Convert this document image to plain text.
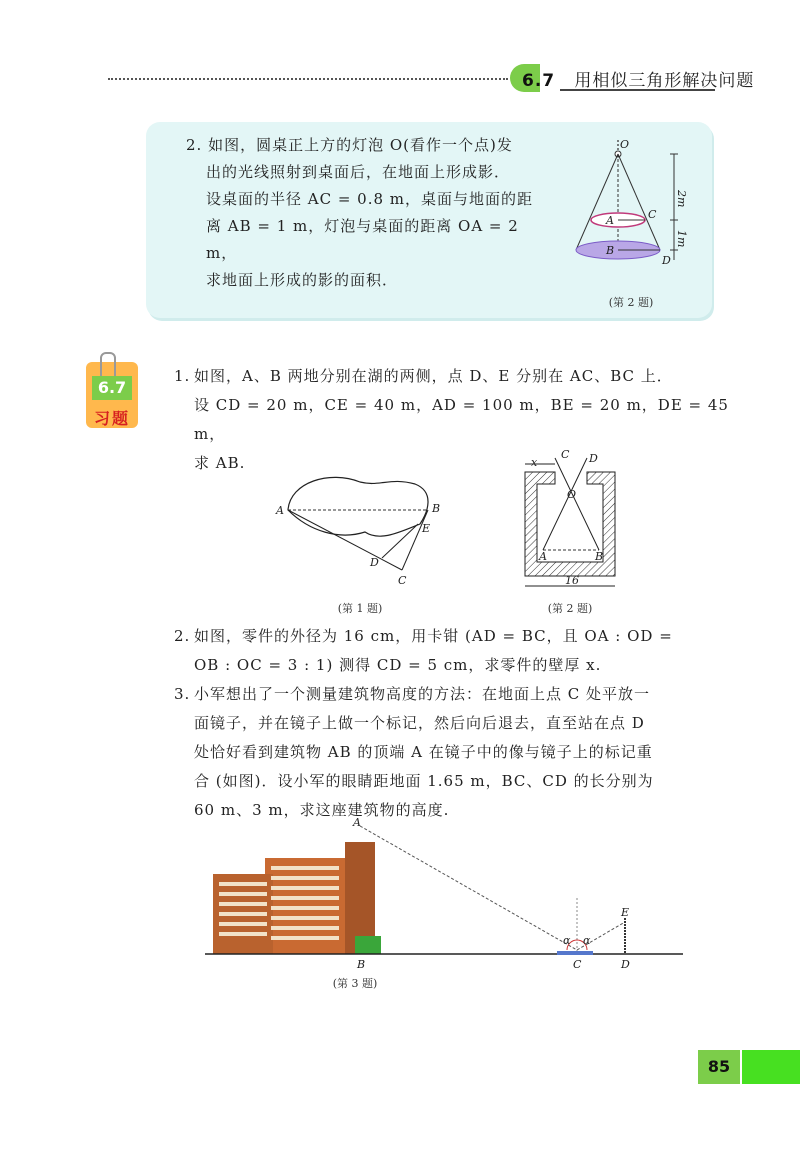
6.7 用相似三角形解决问题
2. 如图，圆桌正上方的灯泡 O(看作一个点)发
出的光线照射到桌面后，在地面上形成影．
设桌面的半径 AC = 0.8 m，桌面与地面的距
离 AB = 1 m，灯泡与桌面的距离 OA = 2 m，
求地面上形成的影的面积．
O
A	C
B
D
2m
1m
(第 2 题)
6.7
习题
1. 如图，A、B 两地分别在湖的两侧，点 D、E 分别在 AC、BC 上．
设 CD = 20 m，CE = 40 m，AD = 100 m，BE = 20 m，DE = 45 m，
求 AB.
A	B
E
D
C
(第 1 题)
C D
O
A	B
x
16
(第 2 题)
2. 如图，零件的外径为 16 cm，用卡钳 (AD = BC，且 OA : OD =
OB : OC = 3 : 1) 测得 CD = 5 cm，求零件的壁厚 x.
3. 小军想出了一个测量建筑物高度的方法：在地面上点 C 处平放一
面镜子，并在镜子上做一个标记，然后向后退去，直至站在点 D
处恰好看到建筑物 AB 的顶端 A 在镜子中的像与镜子上的标记重
合 (如图)．设小军的眼睛距地面 1.65 m，BC、CD 的长分别为
60 m、3 m，求这座建筑物的高度.
A
B	C	D
E
α α
(第 3 题)
85
